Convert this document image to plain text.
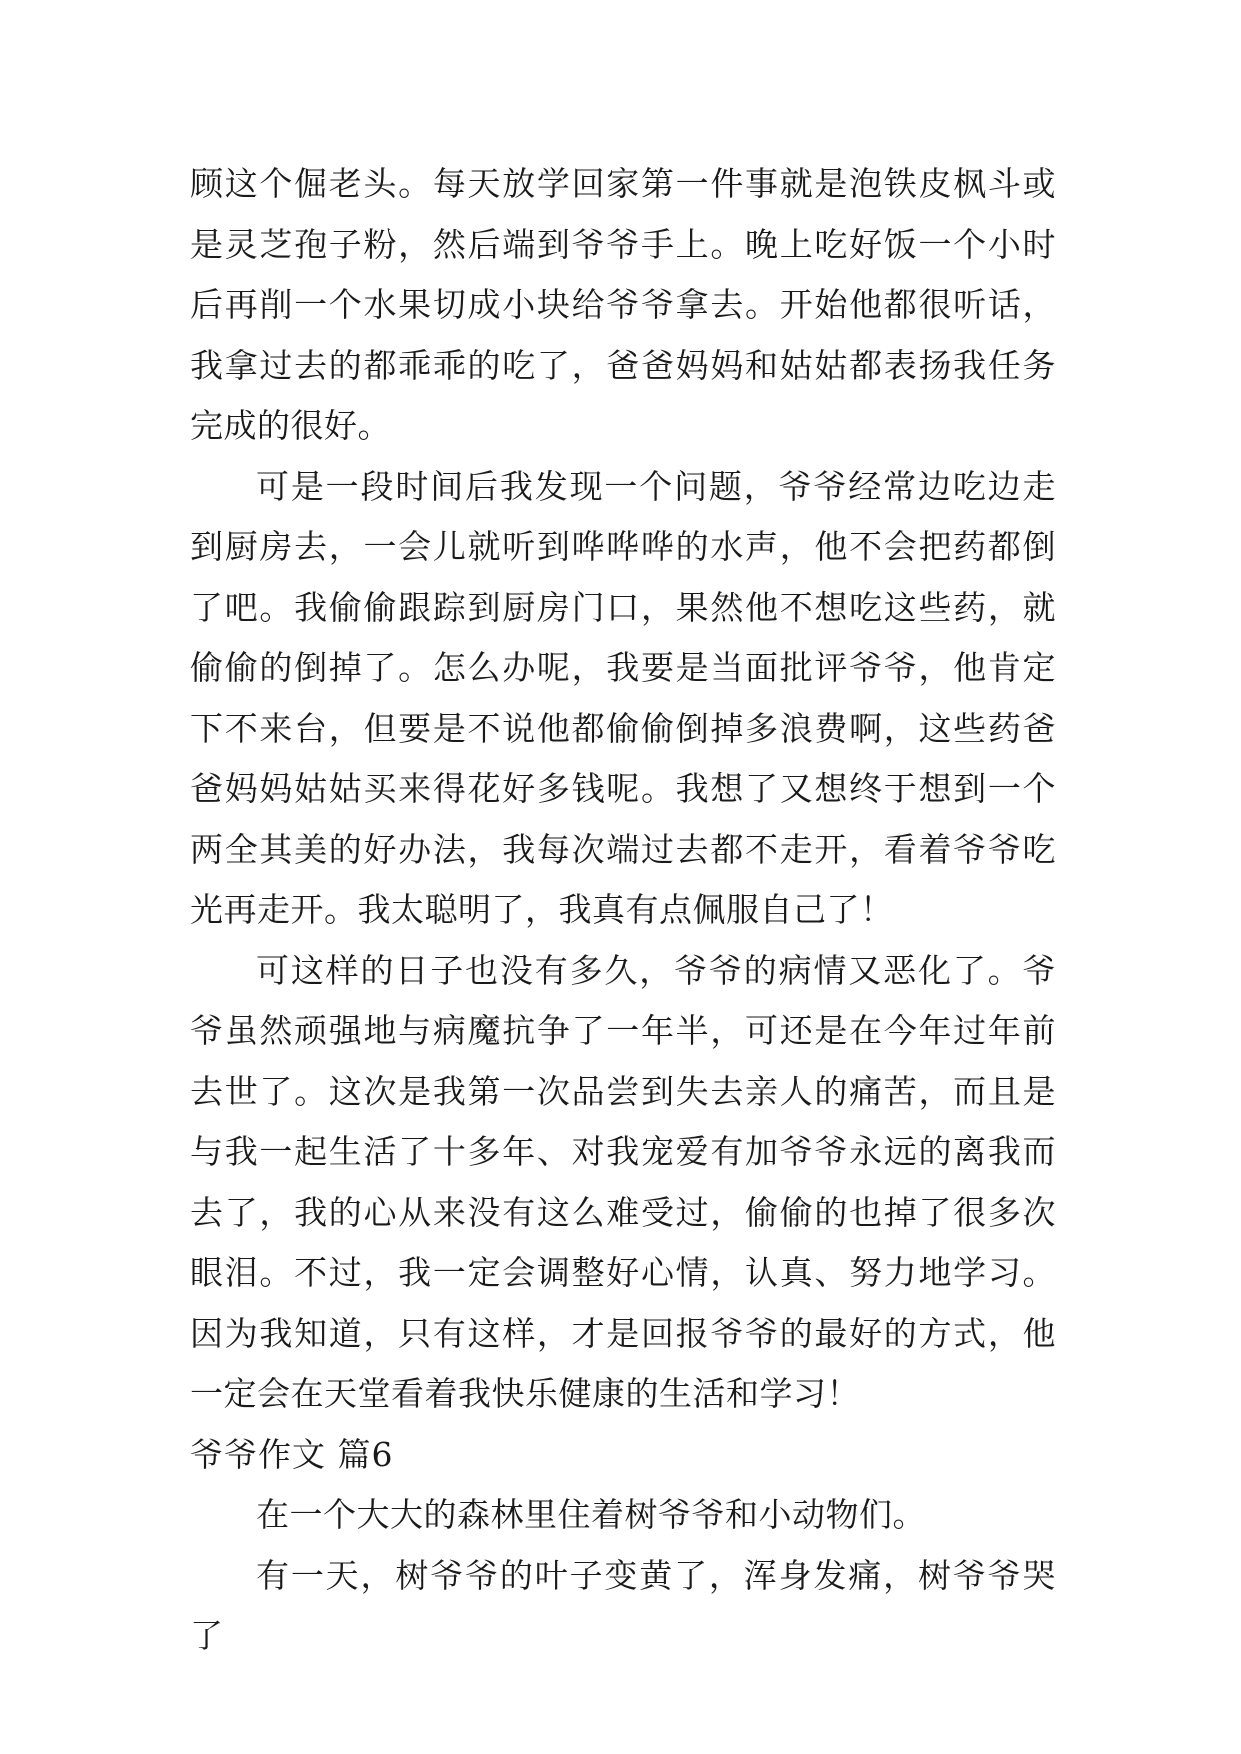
顾这个倔老头。每天放学回家第一件事就是泡铁皮枫斗或是灵芝孢子粉，然后端到爷爷手上。晚上吃好饭一个小时后再削一个水果切成小块给爷爷拿去。开始他都很听话，我拿过去的都乖乖的吃了，爸爸妈妈和姑姑都表扬我任务完成的很好。

可是一段时间后我发现一个问题，爷爷经常边吃边走到厨房去，一会儿就听到哗哗哗的水声，他不会把药都倒了吧。我偷偷跟踪到厨房门口，果然他不想吃这些药，就偷偷的倒掉了。怎么办呢，我要是当面批评爷爷，他肯定下不来台，但要是不说他都偷偷倒掉多浪费啊，这些药爸爸妈妈姑姑买来得花好多钱呢。我想了又想终于想到一个两全其美的好办法，我每次端过去都不走开，看着爷爷吃光再走开。我太聪明了，我真有点佩服自己了！

可这样的日子也没有多久，爷爷的病情又恶化了。爷爷虽然顽强地与病魔抗争了一年半，可还是在今年过年前去世了。这次是我第一次品尝到失去亲人的痛苦，而且是与我一起生活了十多年、对我宠爱有加爷爷永远的离我而去了，我的心从来没有这么难受过，偷偷的也掉了很多次眼泪。不过，我一定会调整好心情，认真、努力地学习。因为我知道，只有这样，才是回报爷爷的最好的方式，他一定会在天堂看着我快乐健康的生活和学习！

爷爷作文 篇6

在一个大大的森林里住着树爷爷和小动物们。

有一天，树爷爷的叶子变黄了，浑身发痛，树爷爷哭了
